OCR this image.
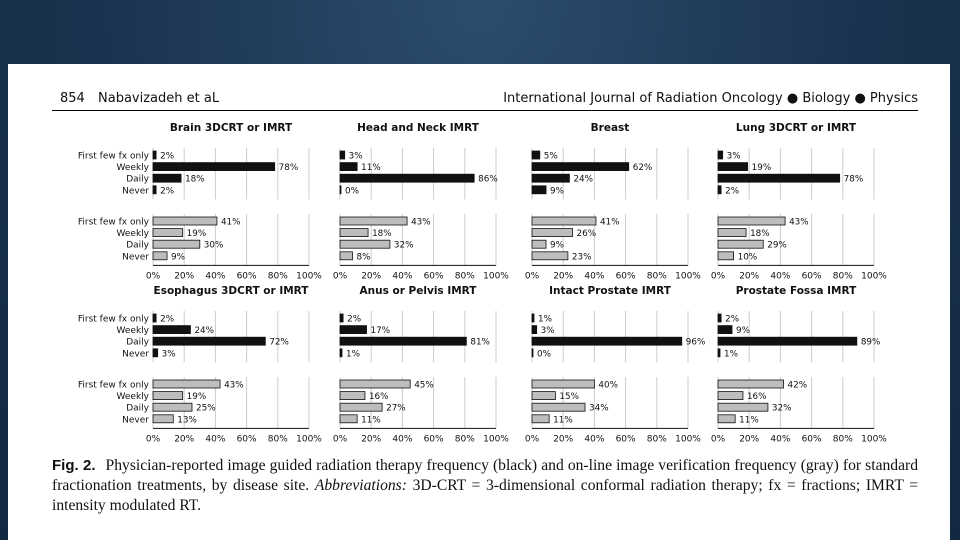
854 Nabavizadeh et aL	International Journal of Radiation Oncology ● Biology ● Physics
Brain 3DCRT or IMRT
2%
First few fx only
78%
Weekly
18%
Daily
2%
Never
41%
First few fx only
19%
Weekly
30%
Daily
9%
Never
0% 20% 40% 60% 80% 100%
Head and Neck IMRT
3%
11%
86%
0%
43%
18%
32%
8%
0% 20% 40% 60% 80% 100%
Breast
5%
62%
24%
9%
41%
26%
9%
23%
0% 20% 40% 60% 80% 100%
Lung 3DCRT or IMRT
3%
19%
78%
2%
43%
18%
29%
10%
0% 20% 40% 60% 80% 100%
Esophagus 3DCRT or IMRT
2%
First few fx only
24%
Weekly
72%
Daily
3%
Never
43%
First few fx only
19%
Weekly
25%
Daily
13%
Never
0% 20% 40% 60% 80% 100%
Anus or Pelvis IMRT
2%
17%
81%
1%
45%
16%
27%
11%
0% 20% 40% 60% 80% 100%
Intact Prostate IMRT
1%
3%
96%
0%
40%
15%
34%
11%
0% 20% 40% 60% 80% 100%
Prostate Fossa IMRT
2%
9%
89%
1%
42%
16%
32%
11%
0% 20% 40% 60% 80% 100%
Fig. 2. Physician-reported image guided radiation therapy frequency (black) and on-line image verification frequency (gray) for standard fractionation treatments, by disease site. Abbreviations: 3D-CRT = 3-dimensional conformal radiation therapy; fx = fractions; IMRT = intensity modulated RT.
